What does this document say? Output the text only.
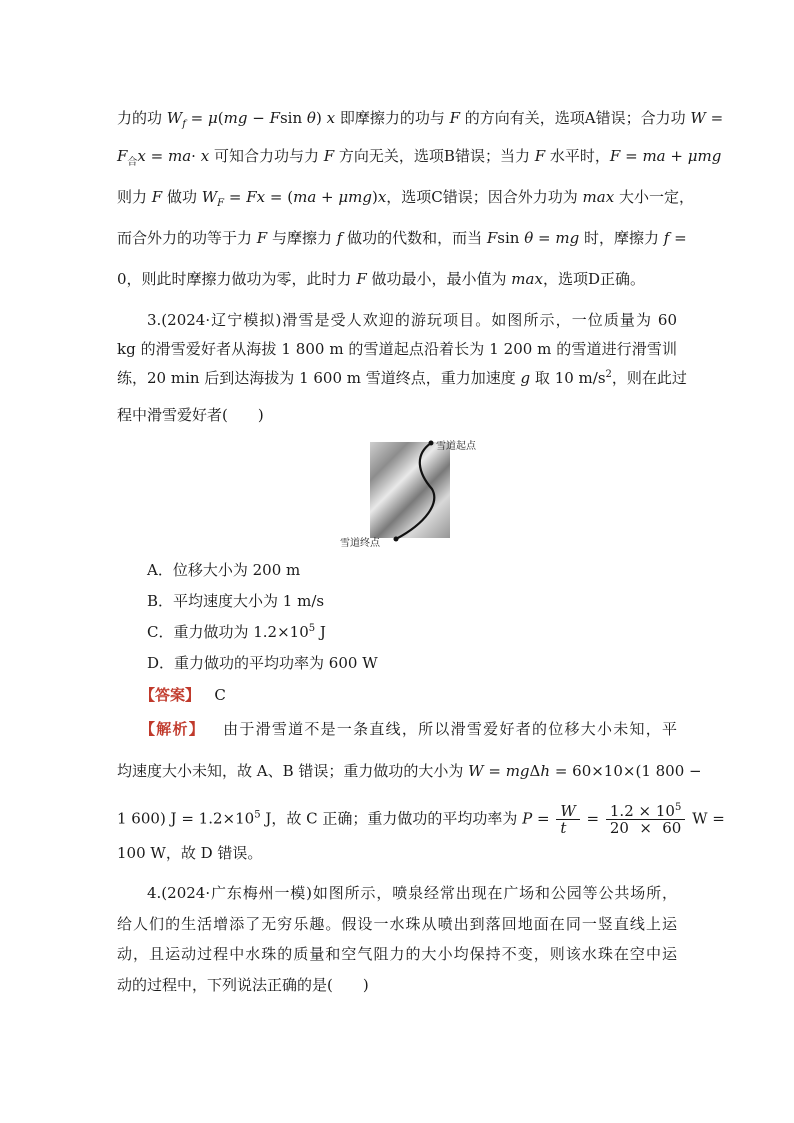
力的功 $W_f = \mu(mg - Fsin$ θ) x 即摩擦力的功与 F 的方向有关，选项A错误；合力功 W =
$F_合x = ma\cdot x$ 可知合力功与力 F 方向无关，选项B错误；当力 F 水平时，F = ma + μmg
则力 F 做功 $W_F = Fx = (ma + \mu mg)x$，选项C错误；因合外力功为 max 大小一定，
而合外力的功等于力 F 与摩擦力 f 做功的代数和，而当 Fsin θ = mg 时，摩擦力 f =
0，则此时摩擦力做功为零，此时力 F 做功最小，最小值为 max，选项D正确。
3.(2024·辽宁模拟)滑雪是受人欢迎的游玩项目。如图所示，一位质量为 60
kg 的滑雪爱好者从海拔 1 800 m 的雪道起点沿着长为 1 200 m 的雪道进行滑雪训
练，20 min 后到达海拔为 1 600 m 雪道终点，重力加速度 g 取 10 $m/s^2$，则在此过
程中滑雪爱好者(　　)
雪道起点
雪道终点
A．位移大小为 200 m
B．平均速度大小为 1 m/s
C．重力做功为 $1.2\times 10^5$ J
D．重力做功的平均功率为 600 W
【答案】 C
【解析】 由于滑雪道不是一条直线，所以滑雪爱好者的位移大小未知，平
均速度大小未知，故 A、B 错误；重力做功的大小为 W = mgΔh = 60×10×(1 800 −
1 600) $J = 1.2\times 10^5$ J，故 C 正确；重力做功的平均功率为 $P = \frac{W}{t} = \frac{1.2 \times 10^5}{20 \times 60}$ W =
100 W，故 D 错误。
4.(2024·广东梅州一模)如图所示，喷泉经常出现在广场和公园等公共场所，
给人们的生活增添了无穷乐趣。假设一水珠从喷出到落回地面在同一竖直线上运
动，且运动过程中水珠的质量和空气阻力的大小均保持不变，则该水珠在空中运
动的过程中，下列说法正确的是(　　)
